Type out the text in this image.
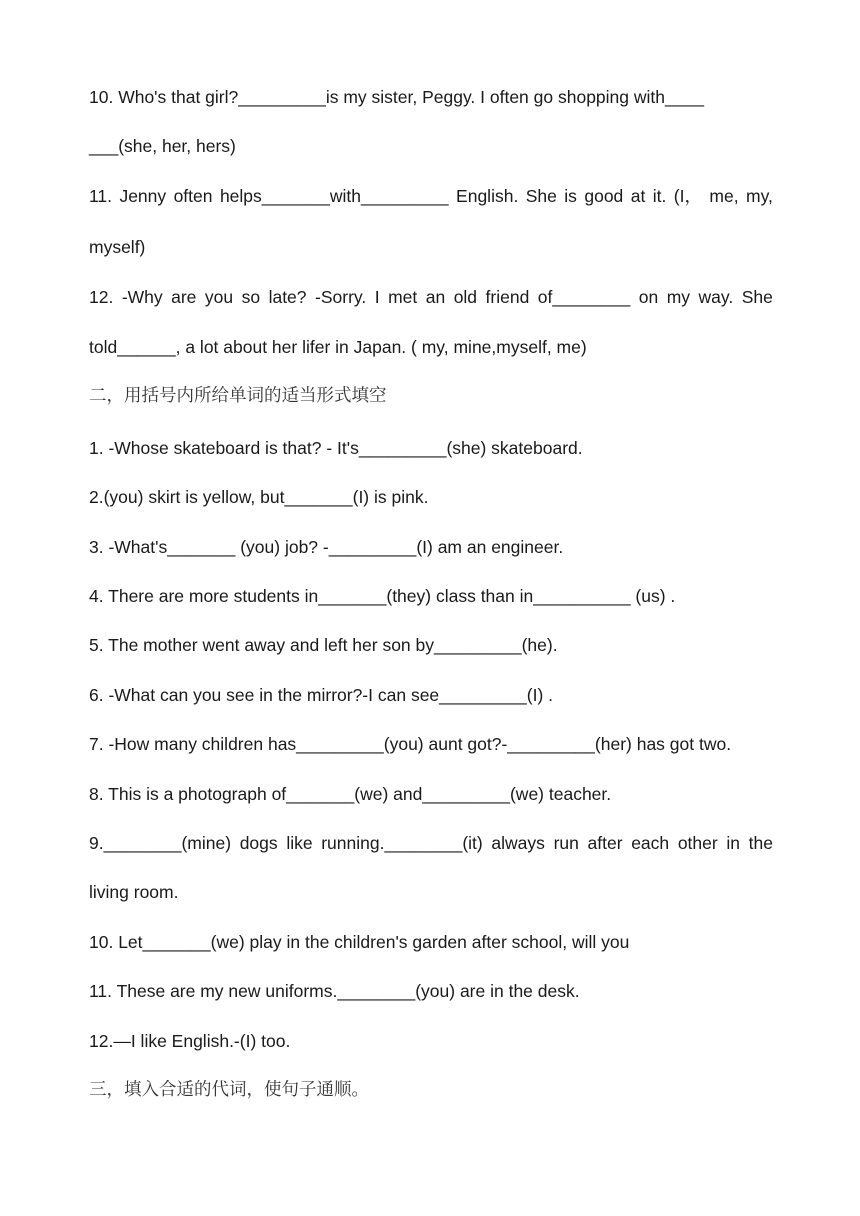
10. Who's that girl?_________is my sister, Peggy. I often go shopping with____
___(she, her, hers)
11. Jenny often helps_______with_________ English. She is good at it. (I， me, my,
myself)
12. -Why are you so late? -Sorry. I met an old friend of________ on my way. She
told______, a lot about her lifer in Japan. ( my, mine,myself, me)
二，用括号内所给单词的适当形式填空
1. -Whose skateboard is that? - It's_________(she) skateboard.
2.(you) skirt is yellow, but_______(I) is pink.
3. -What's_______ (you) job? -_________(I) am an engineer.
4. There are more students in_______(they) class than in__________ (us) .
5. The mother went away and left her son by_________(he).
6. -What can you see in the mirror?-I can see_________(I) .
7. -How many children has_________(you) aunt got?-_________(her) has got two.
8. This is a photograph of_______(we) and_________(we) teacher.
9.________(mine) dogs like running.________(it) always run after each other in the
living room.
10. Let_______(we) play in the children's garden after school, will you
11. These are my new uniforms.________(you) are in the desk.
12.—I like English.-(I) too.
三，填入合适的代词，使句子通顺。
